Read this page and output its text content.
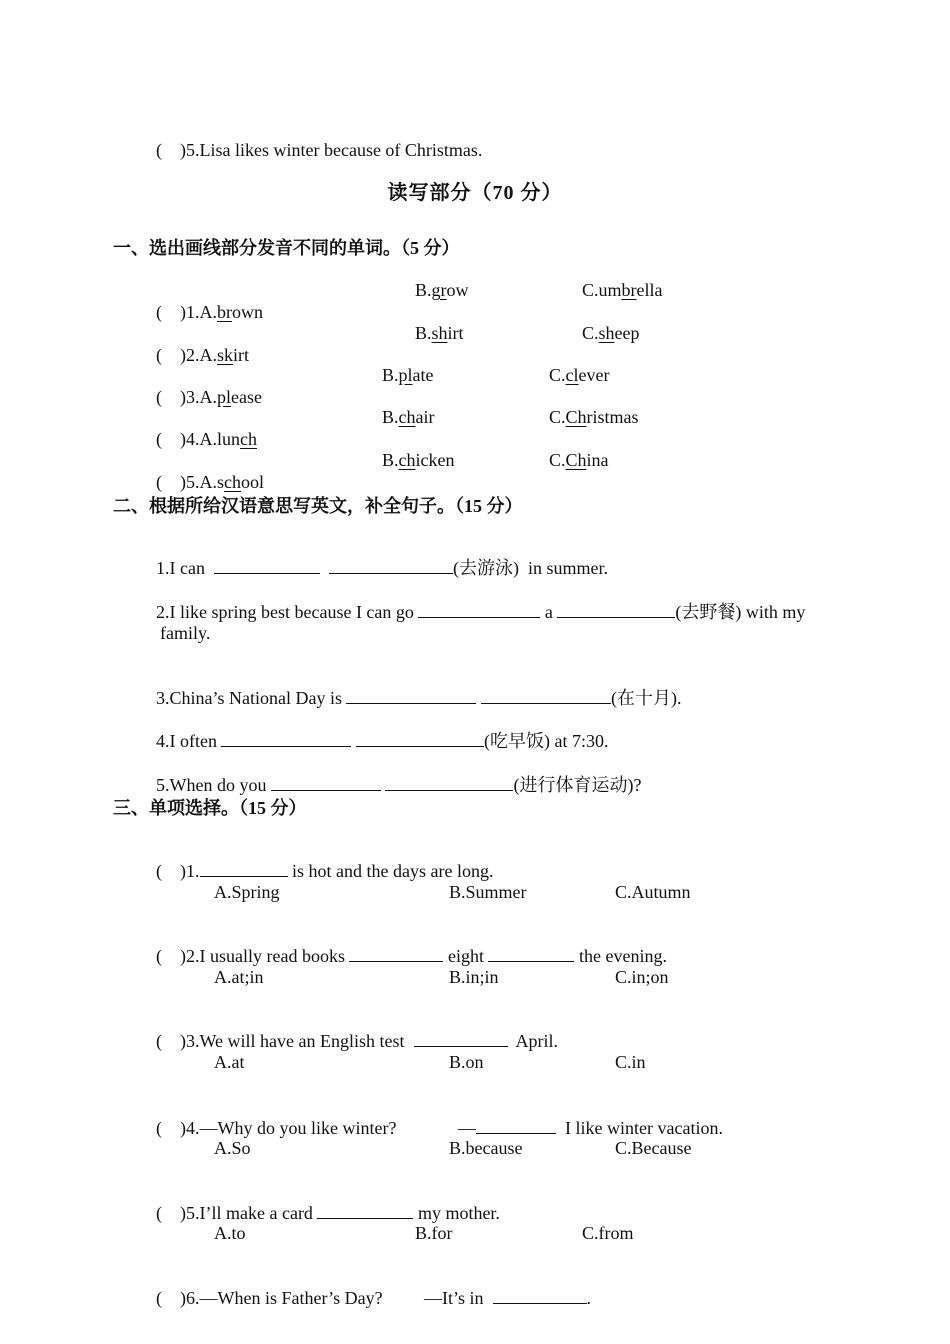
( )5.Lisa likes winter because of Christmas.

读写部分（70 分）
一、选出画线部分发音不同的单词。（5 分）

( )1.A.brown

B.grow	C.umbrella

( )2.A.skirt

B.shirt	C.sheep

( )3.A.please

B.plate	C.clever

( )4.A.lunch

B.chair	C.Christmas

( )5.A.school

B.chicken	C.China
二、根据所给汉语意思写英文，补全句子。（15 分）

1.I can	(去游泳)  in summer.

2.I like spring best because I can go	a	(去野餐) with my

family.

3.China’s National Day is	(在十月).

4.I often	(吃早饭) at 7:30.

5.When do you	(进行体育运动)?

三、单项选择。（15 分）

( )1.	is hot and the days are long.

A.Spring	B.Summer	C.Autumn

( )2.I usually read books	eight	the evening.

A.at;in	B.in;in	C.in;on

( )3.We will have an English test	April.

A.at	B.on	C.in

( )4.—Why do you like winter?	—	I like winter vacation.

A.So	B.because	C.Because

( )5.I’ll make a card	my mother.

A.to	B.for	C.from

( )6.—When is Father’s Day?	—It’s in	.
